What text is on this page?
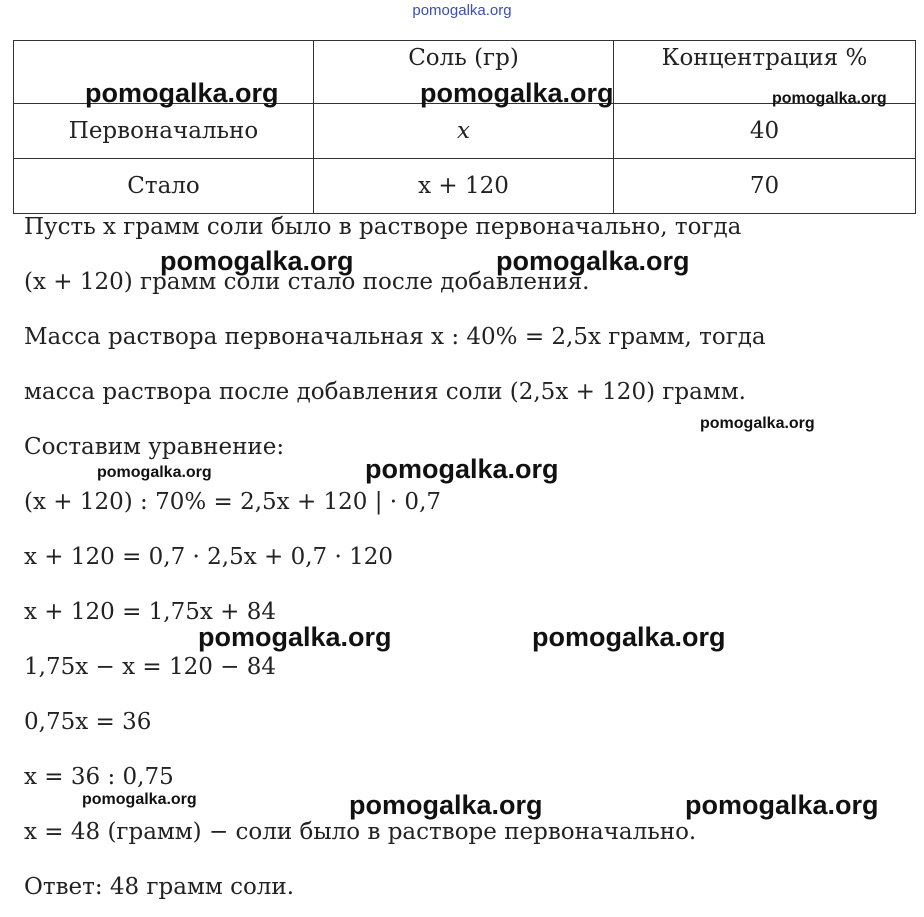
pomogalka.org
	Соль (гр)	Концентрация %
Первоначально	x	40
Стало	x + 120	70
Пусть x грамм соли было в растворе первоначально, тогда
(x + 120) грамм соли стало после добавления.
Масса раствора первоначальная x : 40% = 2,5x грамм, тогда
масса раствора после добавления соли (2,5x + 120) грамм.
Составим уравнение:
(x + 120) : 70% = 2,5x + 120 | · 0,7
x + 120 = 0,7 · 2,5x + 0,7 · 120
x + 120 = 1,75x + 84
1,75x − x = 120 − 84
0,75x = 36
x = 36 : 0,75
x = 48 (грамм) − соли было в растворе первоначально.
Ответ: 48 грамм соли.
pomogalka.org	pomogalka.org	pomogalka.org
pomogalka.org	pomogalka.org
pomogalka.org
pomogalka.org	pomogalka.org
pomogalka.org	pomogalka.org
pomogalka.org	pomogalka.org	pomogalka.org
